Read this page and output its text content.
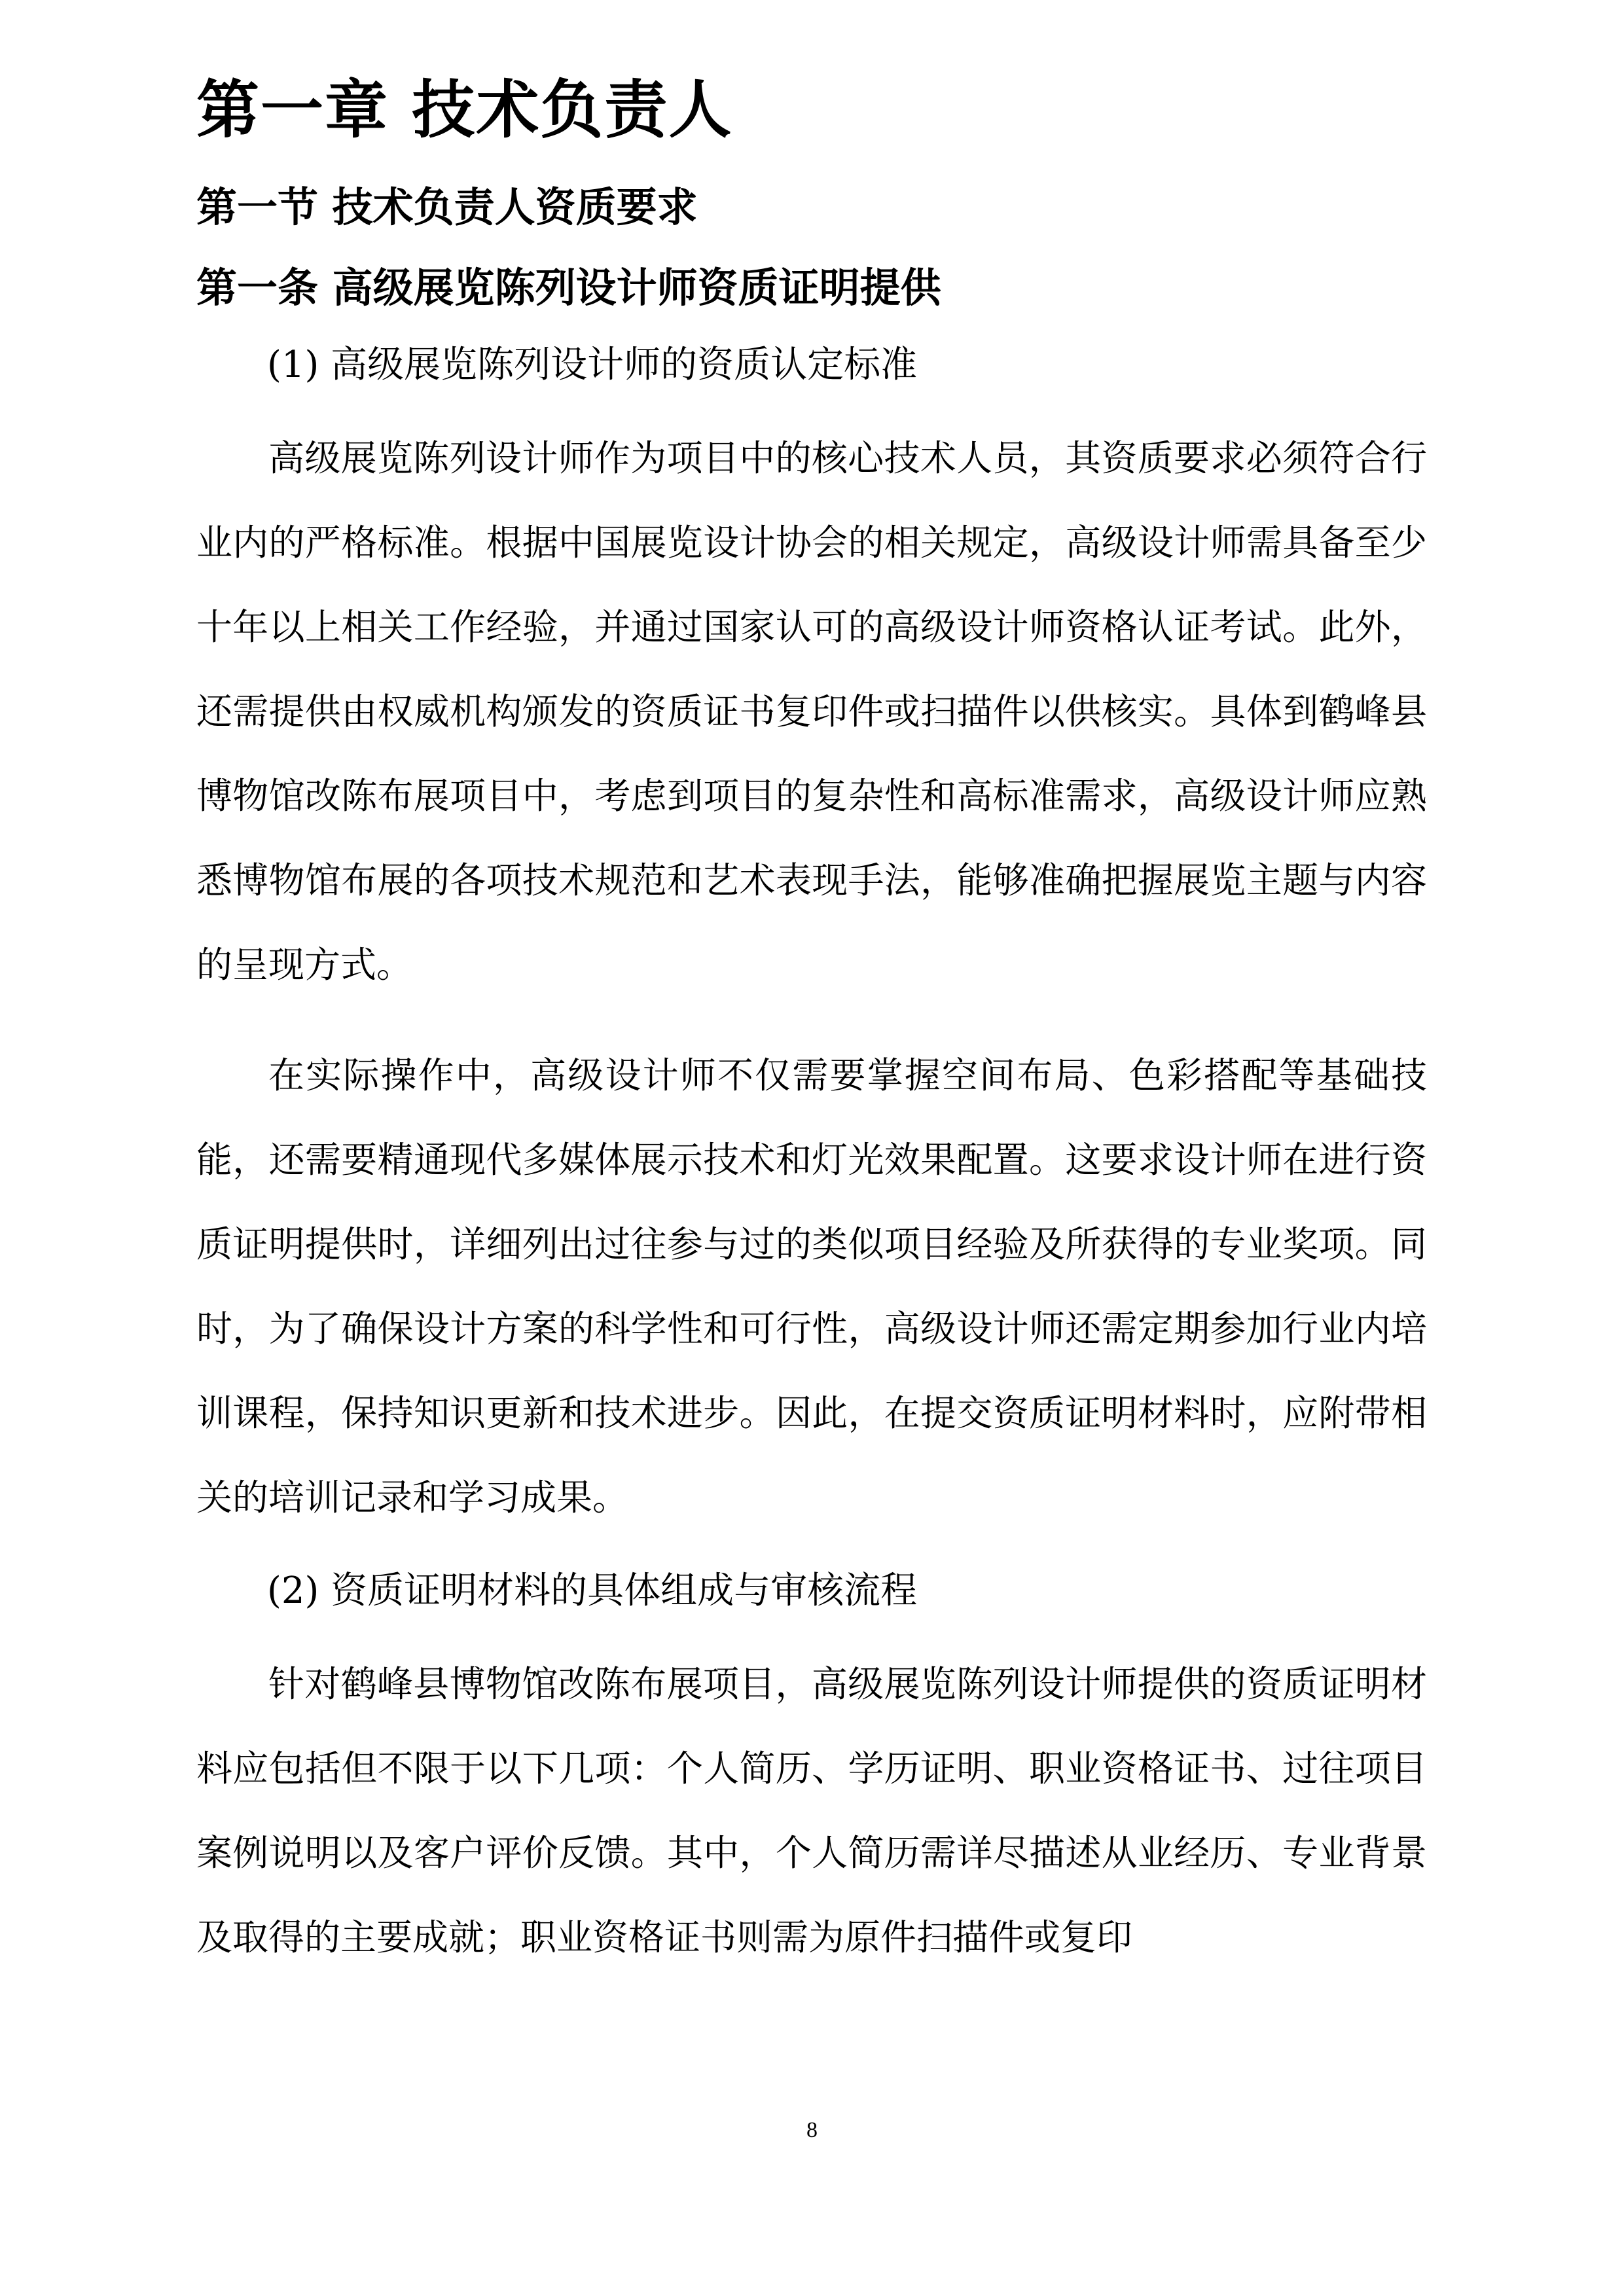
第一章 技术负责人
第一节 技术负责人资质要求
第一条 高级展览陈列设计师资质证明提供

(1) 高级展览陈列设计师的资质认定标准

高级展览陈列设计师作为项目中的核心技术人员，其资质要求必须符合行业内的严格标准。根据中国展览设计协会的相关规定，高级设计师需具备至少十年以上相关工作经验，并通过国家认可的高级设计师资格认证考试。此外，还需提供由权威机构颁发的资质证书复印件或扫描件以供核实。具体到鹤峰县博物馆改陈布展项目中，考虑到项目的复杂性和高标准需求，高级设计师应熟悉博物馆布展的各项技术规范和艺术表现手法，能够准确把握展览主题与内容的呈现方式。

在实际操作中，高级设计师不仅需要掌握空间布局、色彩搭配等基础技能，还需要精通现代多媒体展示技术和灯光效果配置。这要求设计师在进行资质证明提供时，详细列出过往参与过的类似项目经验及所获得的专业奖项。同时，为了确保设计方案的科学性和可行性，高级设计师还需定期参加行业内培训课程，保持知识更新和技术进步。因此，在提交资质证明材料时，应附带相关的培训记录和学习成果。

(2) 资质证明材料的具体组成与审核流程

针对鹤峰县博物馆改陈布展项目，高级展览陈列设计师提供的资质证明材料应包括但不限于以下几项：个人简历、学历证明、职业资格证书、过往项目案例说明以及客户评价反馈。其中，个人简历需详尽描述从业经历、专业背景及取得的主要成就；职业资格证书则需为原件扫描件或复印

8
